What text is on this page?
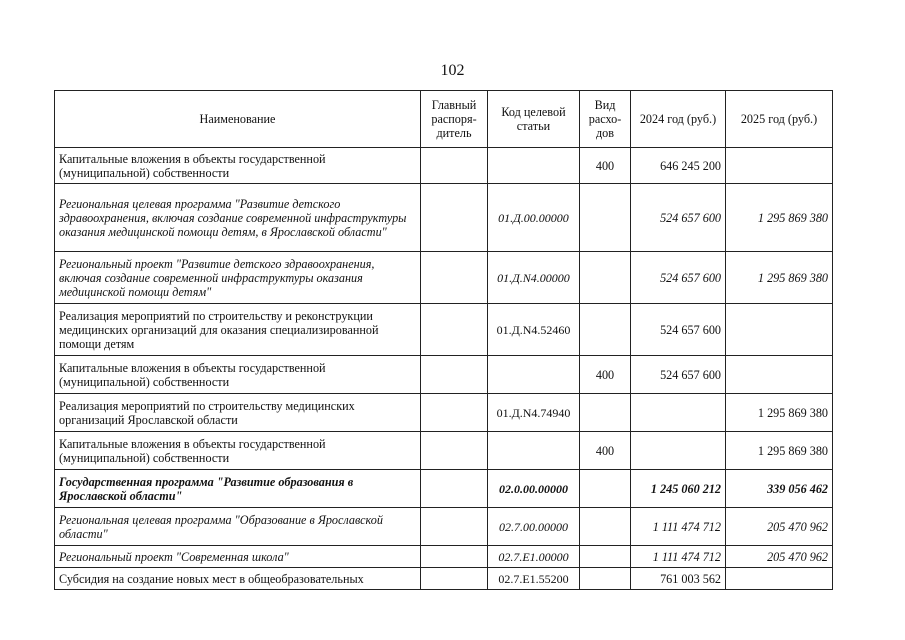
102
Наименование	Главный распоря-дитель	Код целевой статьи	Вид расхо-дов	2024 год (руб.)	2025 год (руб.)
Капитальные вложения в объекты государственной (муниципальной) собственности			400	646 245 200	
Региональная целевая программа "Развитие детского здравоохранения, включая создание современной инфраструктуры оказания медицинской помощи детям, в Ярославской области"		01.Д.00.00000		524 657 600	1 295 869 380
Региональный проект "Развитие детского здравоохранения, включая создание современной инфраструктуры оказания медицинской помощи детям"		01.Д.N4.00000		524 657 600	1 295 869 380
Реализация мероприятий по строительству и реконструкции медицинских организаций для оказания специализированной помощи детям		01.Д.N4.52460		524 657 600	
Капитальные вложения в объекты государственной (муниципальной) собственности			400	524 657 600	
Реализация мероприятий по строительству медицинских организаций Ярославской области		01.Д.N4.74940			1 295 869 380
Капитальные вложения в объекты государственной (муниципальной) собственности			400		1 295 869 380
Государственная программа "Развитие образования в Ярославской области"		02.0.00.00000		1 245 060 212	339 056 462
Региональная целевая программа "Образование в Ярославской области"		02.7.00.00000		1 111 474 712	205 470 962
Региональный проект "Современная школа"		02.7.E1.00000		1 111 474 712	205 470 962
Субсидия на создание новых мест в общеобразовательных		02.7.E1.55200		761 003 562	
